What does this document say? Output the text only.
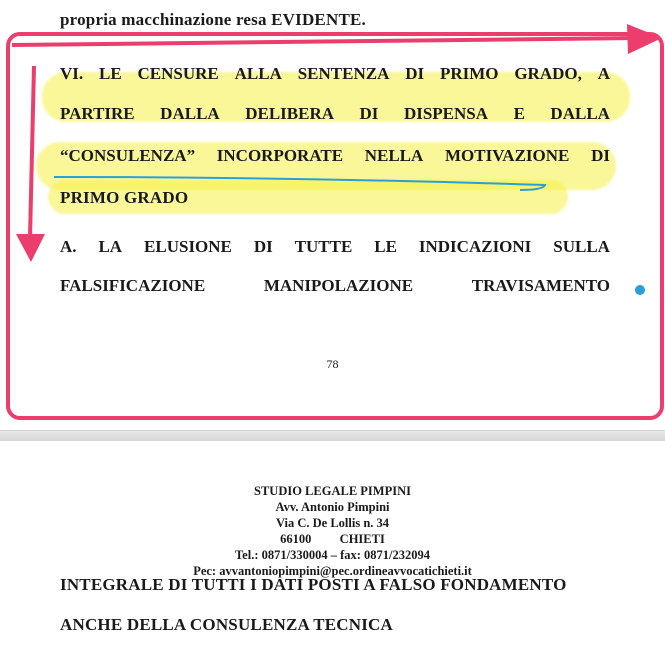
propria macchinazione resa EVIDENTE.
VI. LE CENSURE ALLA SENTENZA DI PRIMO GRADO, A
PARTIRE DALLA DELIBERA DI DISPENSA E DALLA
“CONSULENZA” INCORPORATE NELLA MOTIVAZIONE DI
PRIMO GRADO
A. LA ELUSIONE DI TUTTE LE INDICAZIONI SULLA
FALSIFICAZIONE	MANIPOLAZIONE	TRAVISAMENTO
78
STUDIO LEGALE PIMPINI
Avv. Antonio Pimpini
Via C. De Lollis n. 34
66100 CHIETI
Tel.: 0871/330004 – fax: 0871/232094
Pec: avvantoniopimpini@pec.ordineavvocatichieti.it
INTEGRALE DI TUTTI I DATI POSTI A FALSO FONDAMENTO
ANCHE DELLA CONSULENZA TECNICA
